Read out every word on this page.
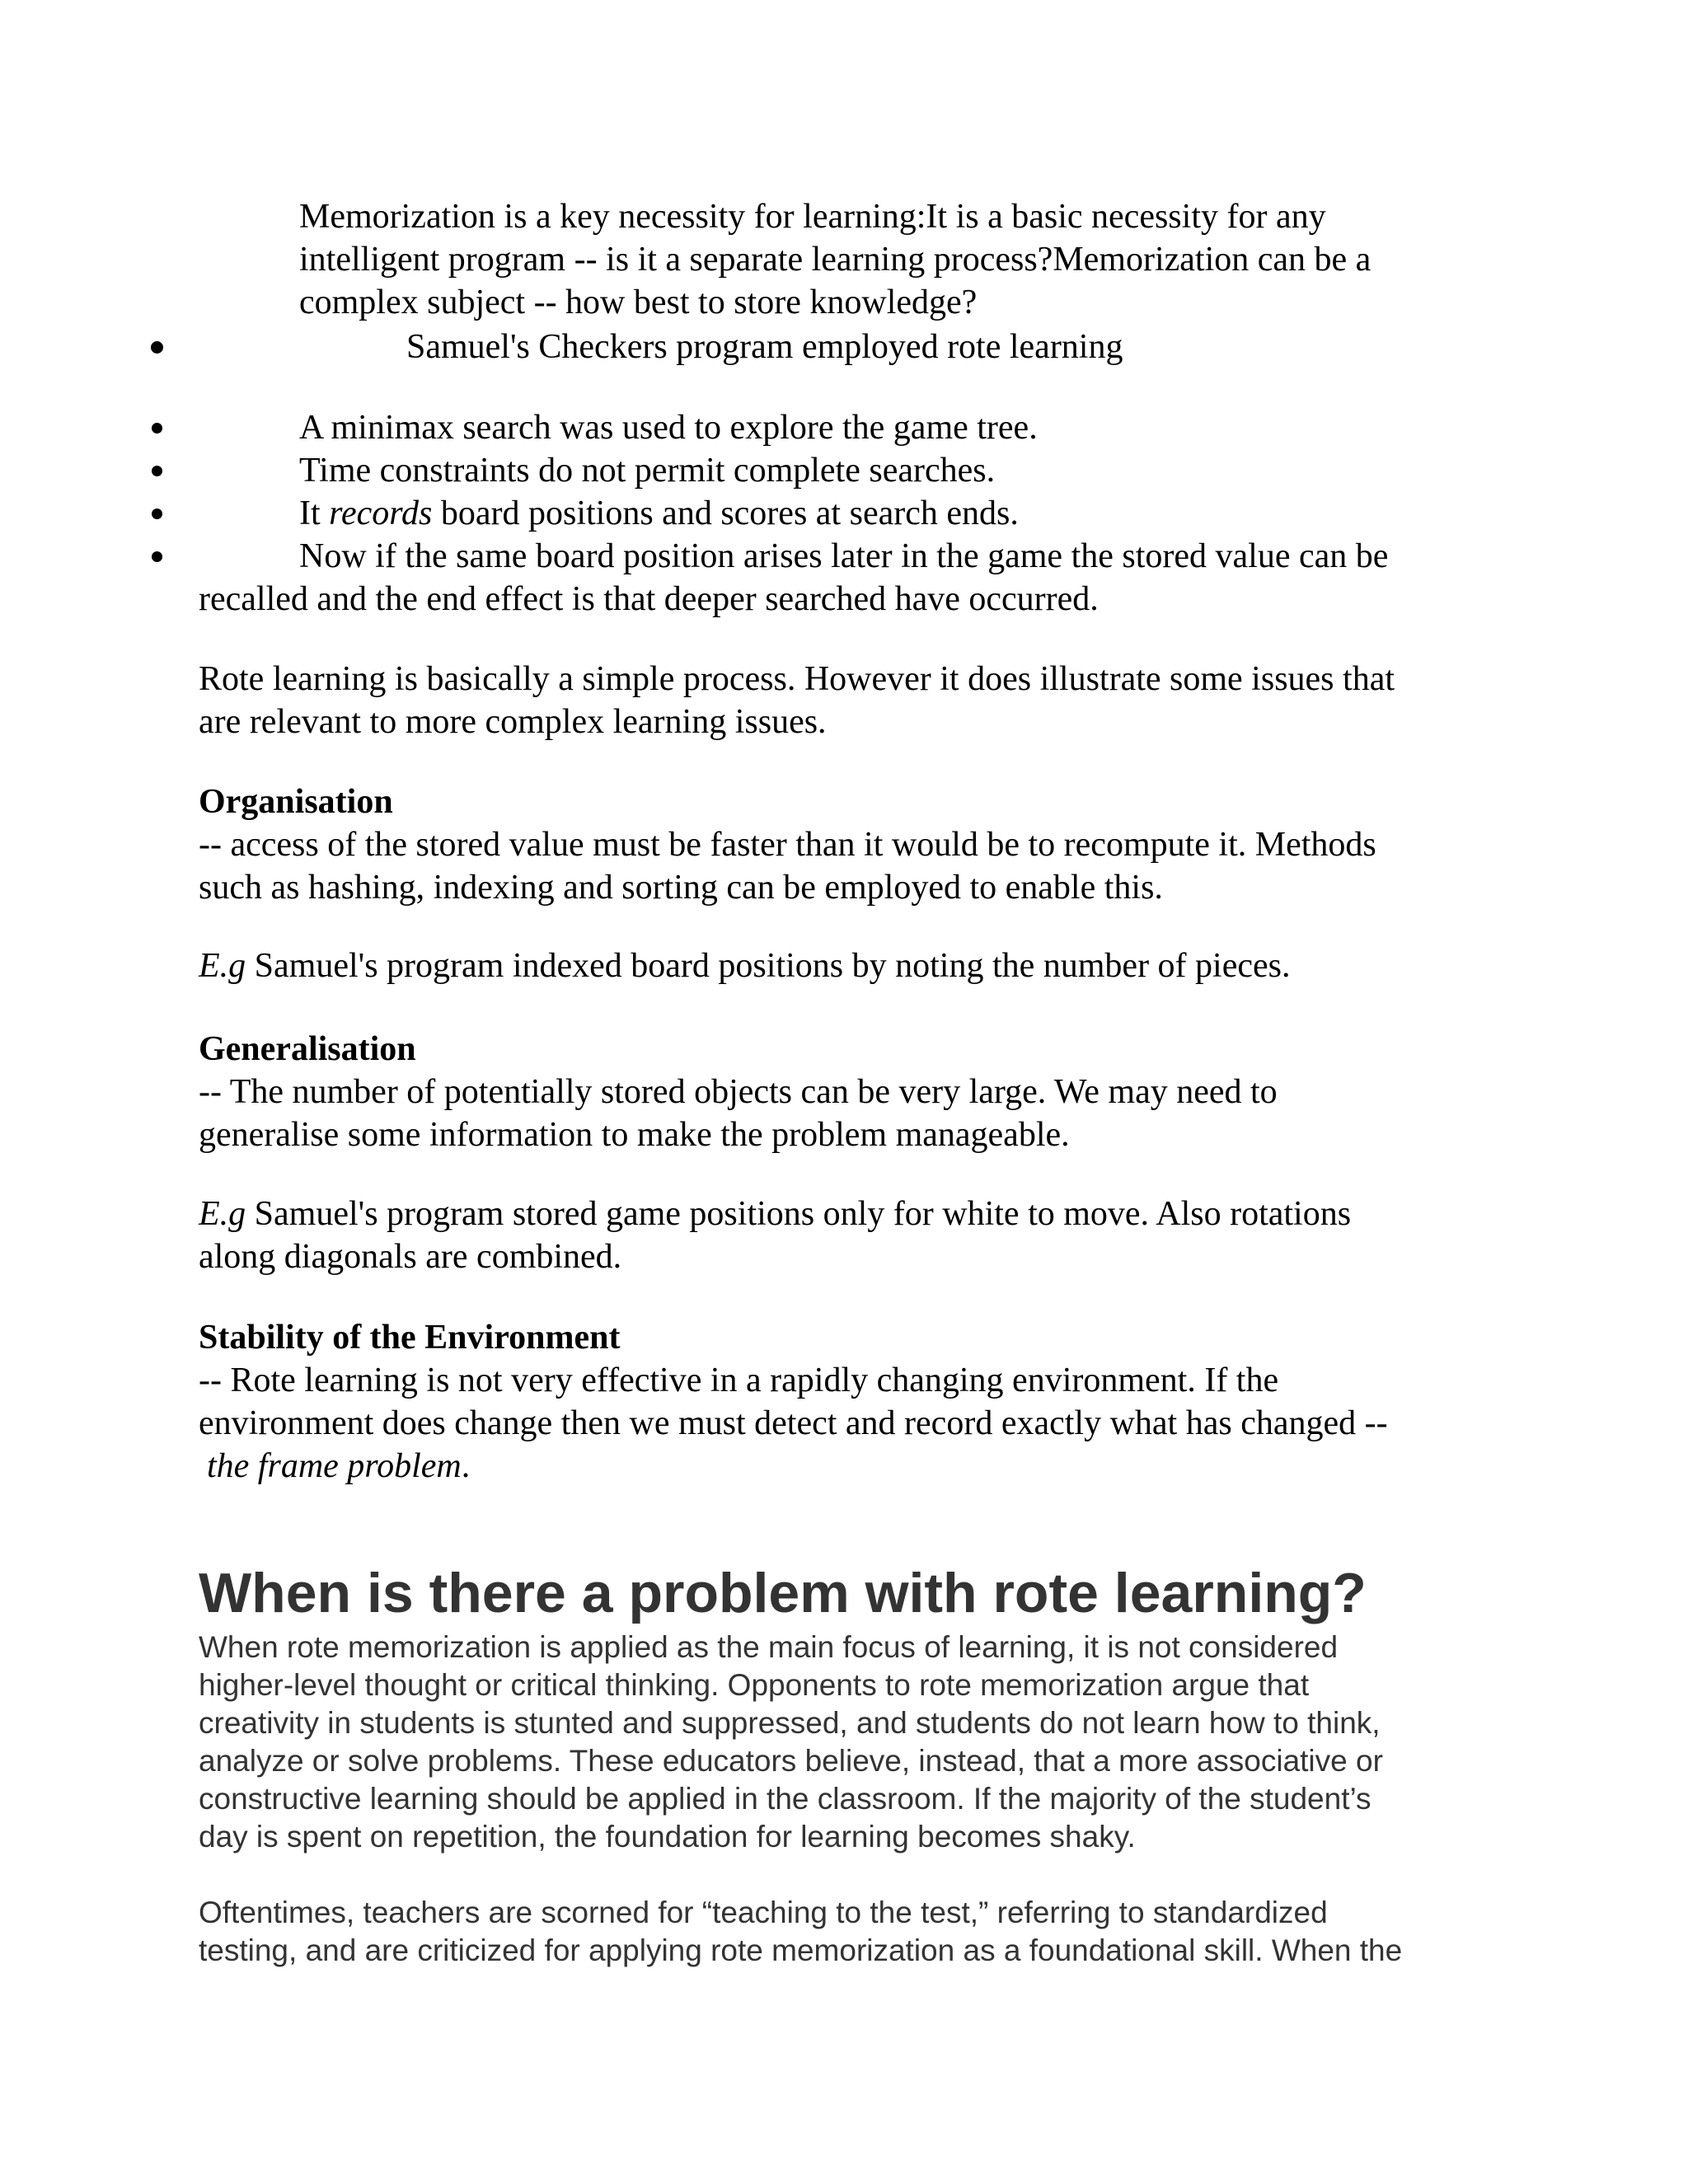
Memorization is a key necessity for learning:It is a basic necessity for any
intelligent program -- is it a separate learning process?Memorization can be a
complex subject -- how best to store knowledge?
Samuel's Checkers program employed rote learning
A minimax search was used to explore the game tree.
Time constraints do not permit complete searches.
It records board positions and scores at search ends.
Now if the same board position arises later in the game the stored value can be
recalled and the end effect is that deeper searched have occurred.
Rote learning is basically a simple process. However it does illustrate some issues that
are relevant to more complex learning issues.
Organisation
-- access of the stored value must be faster than it would be to recompute it. Methods
such as hashing, indexing and sorting can be employed to enable this.
E.g Samuel's program indexed board positions by noting the number of pieces.
Generalisation
-- The number of potentially stored objects can be very large. We may need to
generalise some information to make the problem manageable.
E.g Samuel's program stored game positions only for white to move. Also rotations
along diagonals are combined.
Stability of the Environment
-- Rote learning is not very effective in a rapidly changing environment. If the
environment does change then we must detect and record exactly what has changed --
the frame problem.
When is there a problem with rote learning?
When rote memorization is applied as the main focus of learning, it is not considered
higher-level thought or critical thinking. Opponents to rote memorization argue that
creativity in students is stunted and suppressed, and students do not learn how to think,
analyze or solve problems. These educators believe, instead, that a more associative or
constructive learning should be applied in the classroom. If the majority of the student’s
day is spent on repetition, the foundation for learning becomes shaky.
Oftentimes, teachers are scorned for “teaching to the test,” referring to standardized
testing, and are criticized for applying rote memorization as a foundational skill. When the
